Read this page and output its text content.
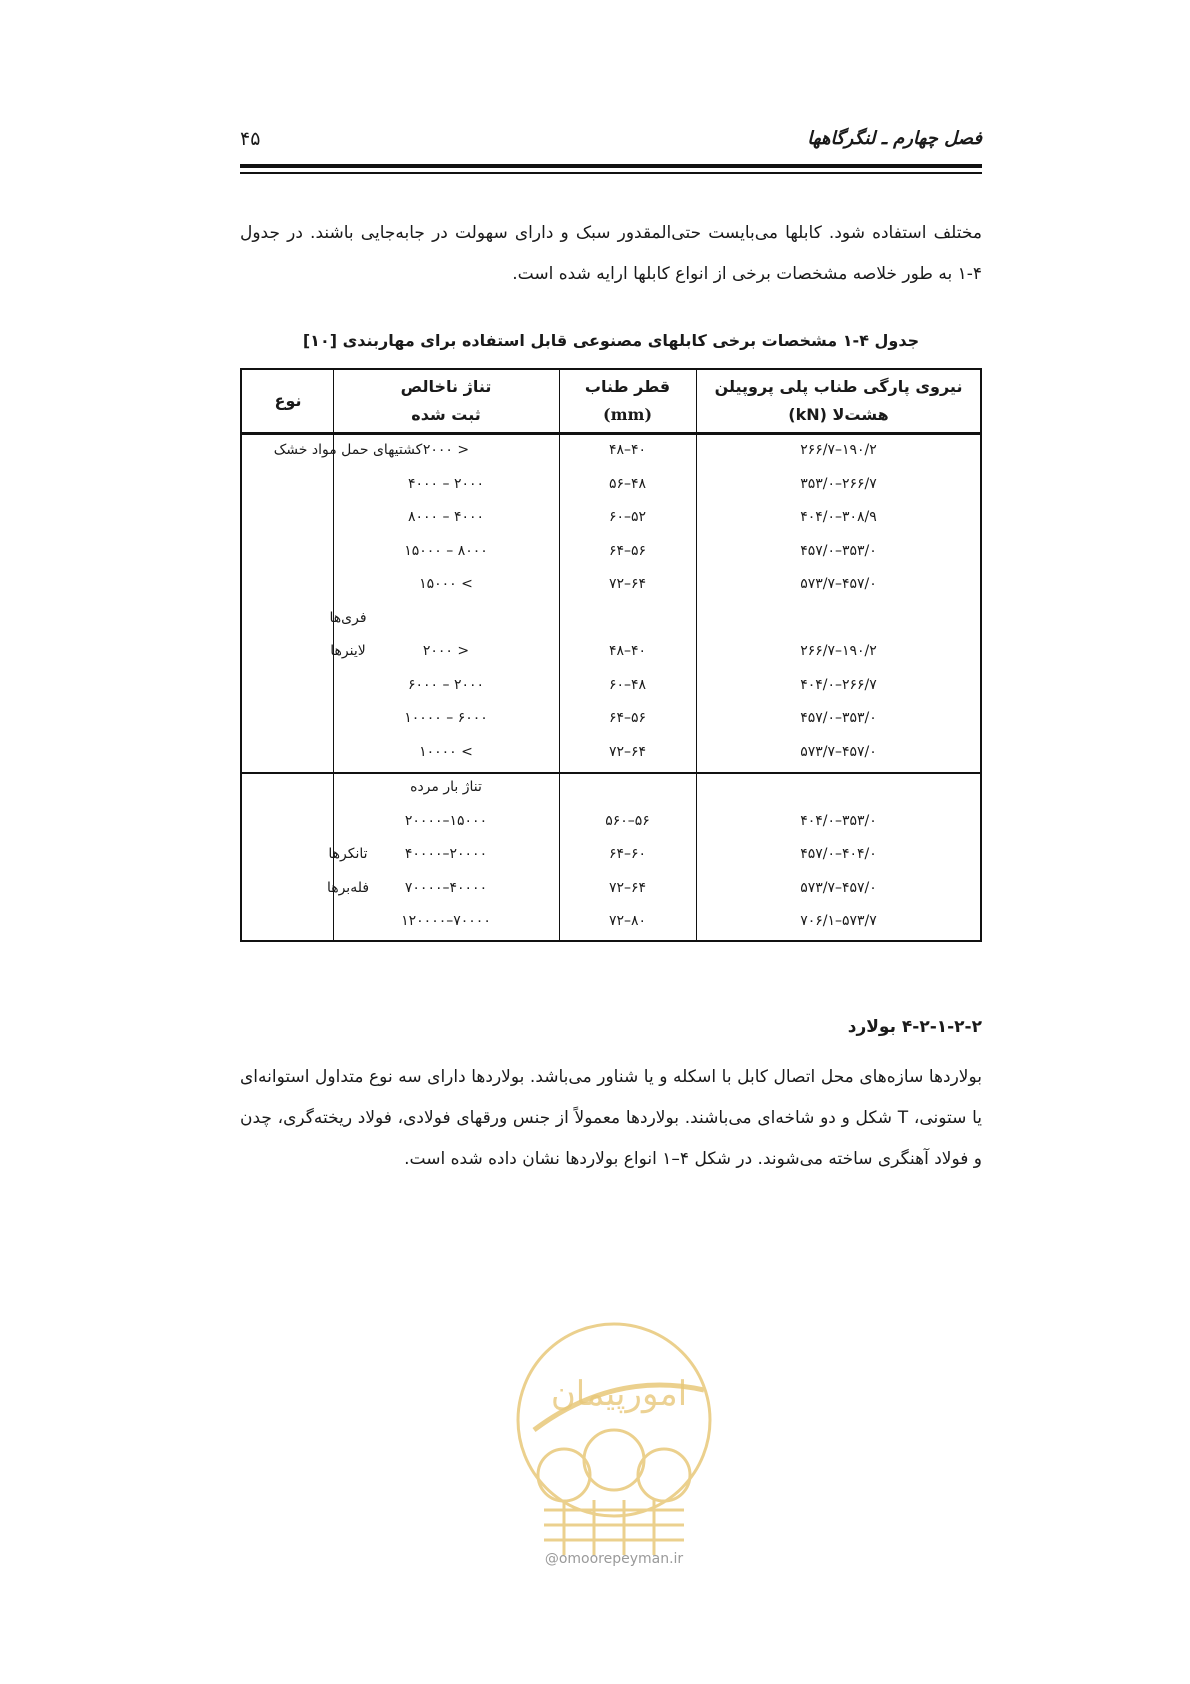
۴۵	فصل چهارم ـ لنگرگاهها

مختلف استفاده شود. کابلها می‌بایست حتی‌المقدور سبک و دارای سهولت در جابه‌جایی باشند. در جدول ۴-۱ به طور خلاصه مشخصات برخی از انواع کابلها ارایه شده است.

جدول ۴-۱ مشخصات برخی کابلهای مصنوعی قابل استفاده برای مهاربندی [۱۰]
نیروی پارگی طناب پلی پروپیلن
هشت‌لا (kN)
قطر طناب
(mm)
تناژ ناخالص
ثبت شده
نوع
۱۹۰/۲–۲۶۶/۷
۴۰–۴۸
< ۲۰۰۰
کشتیهای حمل مواد خشک
۲۶۶/۷–۳۵۳/۰
۴۸–۵۶
۲۰۰۰ – ۴۰۰۰
۳۰۸/۹–۴۰۴/۰
۵۲–۶۰
۴۰۰۰ – ۸۰۰۰
۳۵۳/۰–۴۵۷/۰
۵۶–۶۴
۸۰۰۰ – ۱۵۰۰۰
۴۵۷/۰–۵۷۳/۷
۶۴–۷۲
> ۱۵۰۰۰
فری‌ها
۱۹۰/۲–۲۶۶/۷
۴۰–۴۸
< ۲۰۰۰
لاینرها
۲۶۶/۷–۴۰۴/۰
۴۸–۶۰
۲۰۰۰ – ۶۰۰۰
۳۵۳/۰–۴۵۷/۰
۵۶–۶۴
۶۰۰۰ – ۱۰۰۰۰
۴۵۷/۰–۵۷۳/۷
۶۴–۷۲
> ۱۰۰۰۰
تناژ بار مرده
۳۵۳/۰–۴۰۴/۰
۵۶–۵۶۰
۱۵۰۰۰–۲۰۰۰۰
۴۰۴/۰–۴۵۷/۰
۶۰–۶۴
۲۰۰۰۰–۴۰۰۰۰
تانکرها
۴۵۷/۰–۵۷۳/۷
۶۴–۷۲
۴۰۰۰۰–۷۰۰۰۰
فله‌برها
۵۷۳/۷–۷۰۶/۱
۸۰–۷۲
۷۰۰۰۰–۱۲۰۰۰۰
۴-۲-۱-۲-۲ بولارد

بولاردها سازه‌های محل اتصال کابل با اسکله و یا شناور می‌باشد. بولاردها دارای سه نوع متداول استوانه‌ای یا ستونی، T شکل و دو شاخه‌ای می‌باشند. بولاردها معمولاً از جنس ورقهای فولادی، فولاد ریخته‌گری، چدن و فولاد آهنگری ساخته می‌شوند. در شکل ۴–۱ انواع بولاردها نشان داده شده است.

امورپیمان
@omoorepeyman.ir
